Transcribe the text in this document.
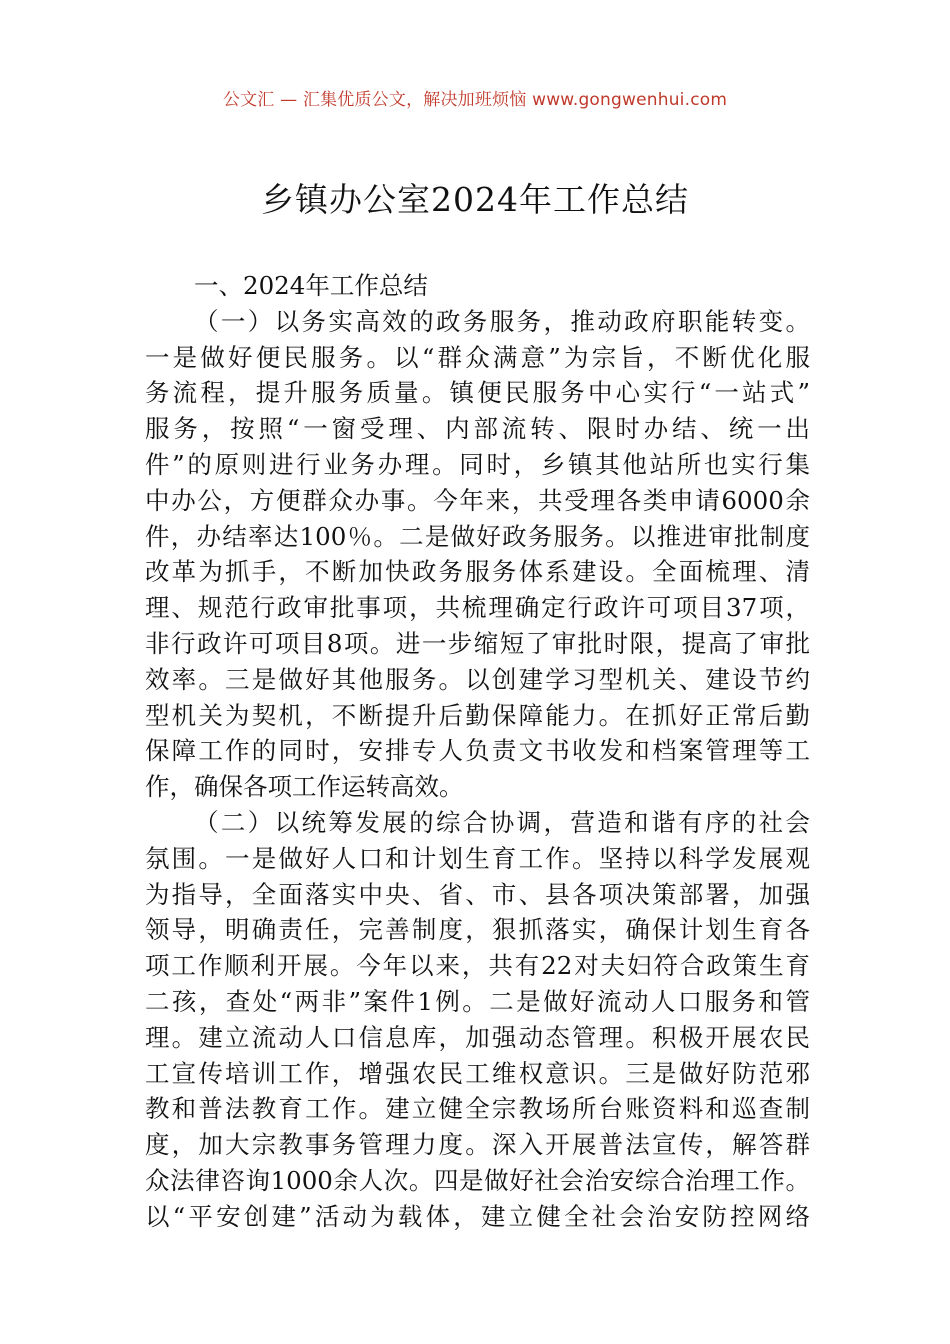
公文汇 — 汇集优质公文，解决加班烦恼 www.gongwenhui.com
乡镇办公室2024年工作总结
一、2024年工作总结
（一）以务实高效的政务服务，推动政府职能转变。
一是做好便民服务。以“群众满意”为宗旨，不断优化服
务流程，提升服务质量。镇便民服务中心实行“一站式”
服务，按照“一窗受理、内部流转、限时办结、统一出
件”的原则进行业务办理。同时，乡镇其他站所也实行集
中办公，方便群众办事。今年来，共受理各类申请6000余
件，办结率达100％。二是做好政务服务。以推进审批制度
改革为抓手，不断加快政务服务体系建设。全面梳理、清
理、规范行政审批事项，共梳理确定行政许可项目37项，
非行政许可项目8项。进一步缩短了审批时限，提高了审批
效率。三是做好其他服务。以创建学习型机关、建设节约
型机关为契机，不断提升后勤保障能力。在抓好正常后勤
保障工作的同时，安排专人负责文书收发和档案管理等工
作，确保各项工作运转高效。
（二）以统筹发展的综合协调，营造和谐有序的社会
氛围。一是做好人口和计划生育工作。坚持以科学发展观
为指导，全面落实中央、省、市、县各项决策部署，加强
领导，明确责任，完善制度，狠抓落实，确保计划生育各
项工作顺利开展。今年以来，共有22对夫妇符合政策生育
二孩，查处“两非”案件1例。二是做好流动人口服务和管
理。建立流动人口信息库，加强动态管理。积极开展农民
工宣传培训工作，增强农民工维权意识。三是做好防范邪
教和普法教育工作。建立健全宗教场所台账资料和巡查制
度，加大宗教事务管理力度。深入开展普法宣传，解答群
众法律咨询1000余人次。四是做好社会治安综合治理工作。
以“平安创建”活动为载体，建立健全社会治安防控网络
